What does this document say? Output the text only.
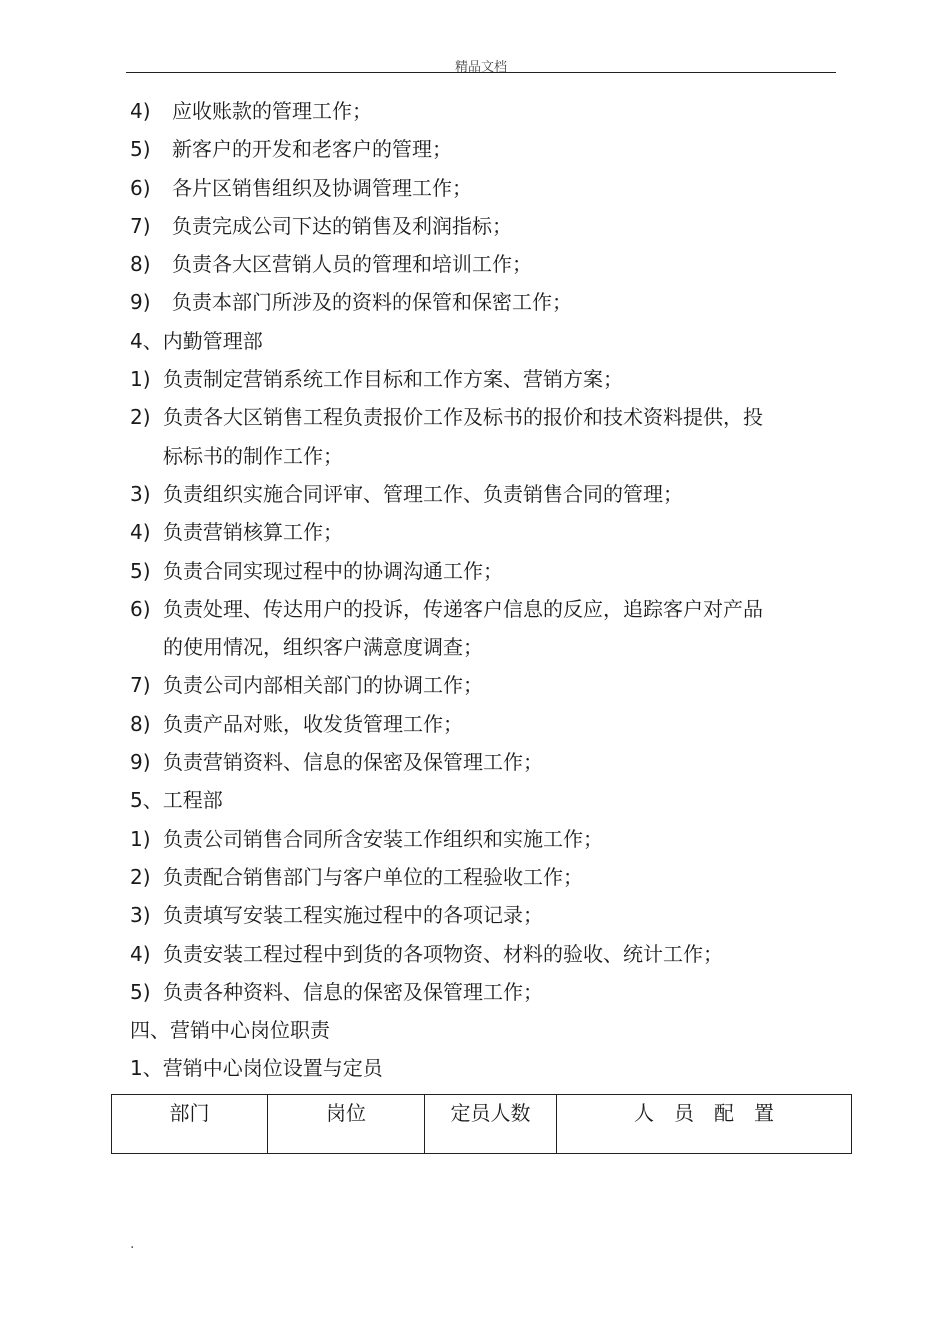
精品文档
4) 应收账款的管理工作；
5) 新客户的开发和老客户的管理；
6) 各片区销售组织及协调管理工作；
7) 负责完成公司下达的销售及利润指标；
8) 负责各大区营销人员的管理和培训工作；
9) 负责本部门所涉及的资料的保管和保密工作；
4、内勤管理部
1) 负责制定营销系统工作目标和工作方案、营销方案；
2) 负责各大区销售工程负责报价工作及标书的报价和技术资料提供，投
标标书的制作工作；
3) 负责组织实施合同评审、管理工作、负责销售合同的管理；
4) 负责营销核算工作；
5) 负责合同实现过程中的协调沟通工作；
6) 负责处理、传达用户的投诉，传递客户信息的反应，追踪客户对产品
的使用情况，组织客户满意度调查；
7) 负责公司内部相关部门的协调工作；
8) 负责产品对账，收发货管理工作；
9) 负责营销资料、信息的保密及保管理工作；
5、工程部
1) 负责公司销售合同所含安装工作组织和实施工作；
2) 负责配合销售部门与客户单位的工程验收工作；
3) 负责填写安装工程实施过程中的各项记录；
4) 负责安装工程过程中到货的各项物资、材料的验收、统计工作；
5) 负责各种资料、信息的保密及保管理工作；
四、营销中心岗位职责
1、营销中心岗位设置与定员
部门	岗位	定员人数	人　员　配　置
.
